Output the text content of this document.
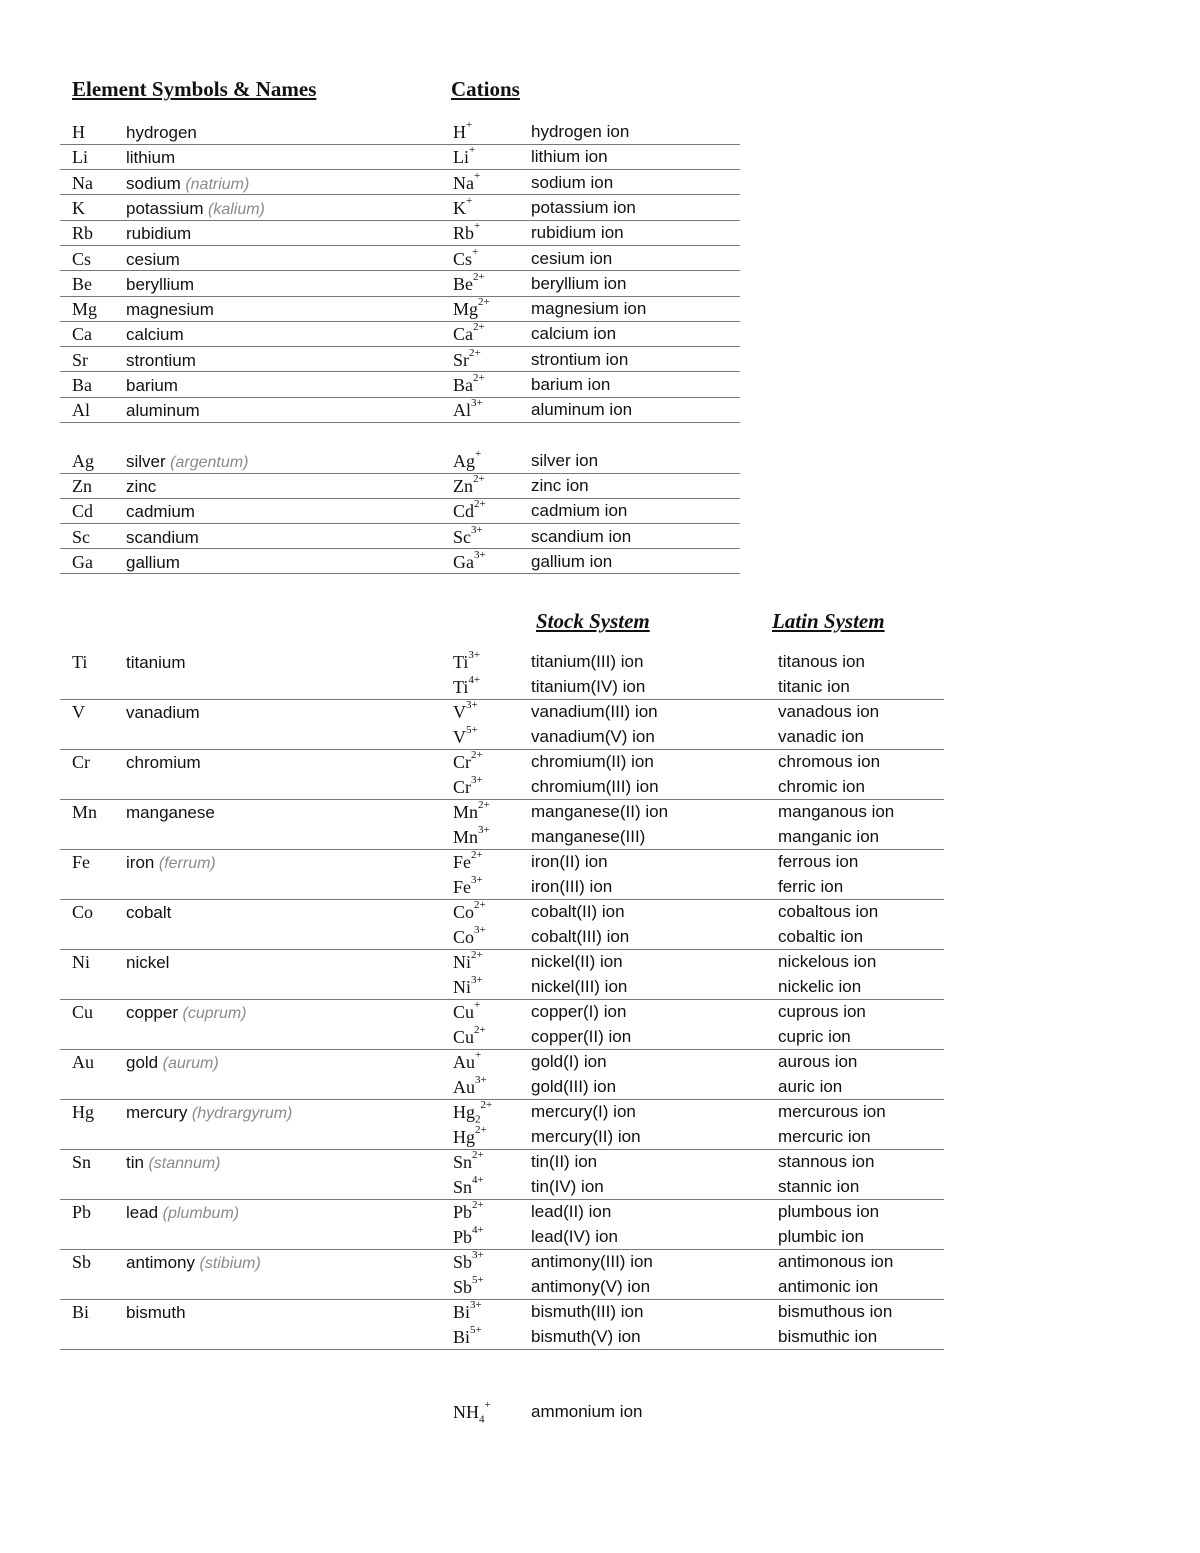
Element Symbols & Names	Cations
Stock System	Latin System
H hydrogen	H+	hydrogen ion
Li lithium	Li+	lithium ion
Na sodium (natrium)	Na+	sodium ion
K potassium (kalium)	K+	potassium ion
Rb rubidium	Rb+	rubidium ion
Cs cesium	Cs+	cesium ion
Be beryllium	$Be^{2+}$	beryllium ion
Mg magnesium	$Mg^{2+}$ magnesium ion
Ca calcium	$Ca^{2+}$	calcium ion
Sr strontium	$Sr^{2+}$	strontium ion
Ba barium	$Ba^{2+}$	barium ion
Al aluminum	$Al^{3+}$	aluminum ion
Ag silver (argentum)	Ag+	silver ion
Zn zinc	$Zn^{2+}$	zinc ion
Cd cadmium	$Cd^{2+}$	cadmium ion
Sc scandium	$Sc^{3+}$	scandium ion
Ga gallium	$Ga^{3+}$	gallium ion
Ti titanium	$Ti^{3+}$	titanium(III) ion	titanous ion
$Ti^{4+}$	titanium(IV) ion	titanic ion
V vanadium	$V^{3+}$	vanadium(III) ion	vanadous ion
$V^{5+}$	vanadium(V) ion	vanadic ion
Cr chromium	$Cr^{2+}$	chromium(II) ion	chromous ion
$Cr^{3+}$	chromium(III) ion	chromic ion
Mn manganese	$Mn^{2+}$ manganese(II) ion	manganous ion
$Mn^{3+}$ manganese(III)	manganic ion
Fe iron (ferrum)	$Fe^{2+}$	iron(II) ion	ferrous ion
$Fe^{3+}$	iron(III) ion	ferric ion
Co cobalt	$Co^{2+}$	cobalt(II) ion	cobaltous ion
$Co^{3+}$	cobalt(III) ion	cobaltic ion
Ni nickel	$Ni^{2+}$	nickel(II) ion	nickelous ion
$Ni^{3+}$	nickel(III) ion	nickelic ion
Cu copper (cuprum)	Cu+	copper(I) ion	cuprous ion
$Cu^{2+}$	copper(II) ion	cupric ion
Au gold (aurum)	Au+	gold(I) ion	aurous ion
$Au^{3+}$	gold(III) ion	auric ion
Hg mercury (hydrargyrum)	$Hg_2^{2+}$ mercury(I) ion	mercurous ion
$Hg^{2+}$	mercury(II) ion	mercuric ion
Sn tin (stannum)	$Sn^{2+}$	tin(II) ion	stannous ion
$Sn^{4+}$	tin(IV) ion	stannic ion
Pb lead (plumbum)	$Pb^{2+}$	lead(II) ion	plumbous ion
$Pb^{4+}$	lead(IV) ion	plumbic ion
Sb antimony (stibium)	$Sb^{3+}$	antimony(III) ion	antimonous ion
$Sb^{5+}$	antimony(V) ion	antimonic ion
Bi bismuth	$Bi^{3+}$	bismuth(III) ion	bismuthous ion
$Bi^{5+}$	bismuth(V) ion	bismuthic ion
$NH_4^+$ ammonium ion
